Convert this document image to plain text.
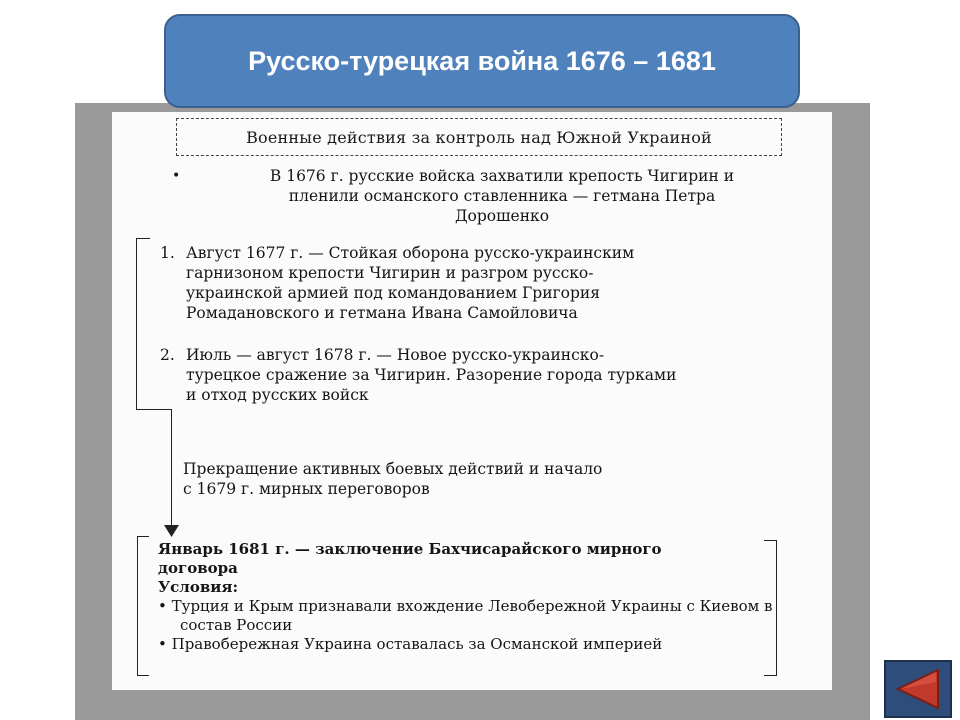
Русско-турецкая война 1676 – 1681
Военные действия за контроль над Южной Украиной
•	В 1676 г. русские войска захватили крепость Чигирин и
пленили османского ставленника — гетмана Петра
Дорошенко
1. Август 1677 г. — Стойкая оборона русско-украинским
гарнизоном крепости Чигирин и разгром русско-
украинской армией под командованием Григория
Ромадановского и гетмана Ивана Самойловича
2. Июль — август 1678 г. — Новое русско-украинско-
турецкое сражение за Чигирин. Разорение города турками
и отход русских войск
Прекращение активных боевых действий и начало
с 1679 г. мирных переговоров
Январь 1681 г. — заключение Бахчисарайского мирного
договора
Условия:
• Турция и Крым признавали вхождение Левобережной Украины с Киевом в состав России
• Правобережная Украина оставалась за Османской империей
